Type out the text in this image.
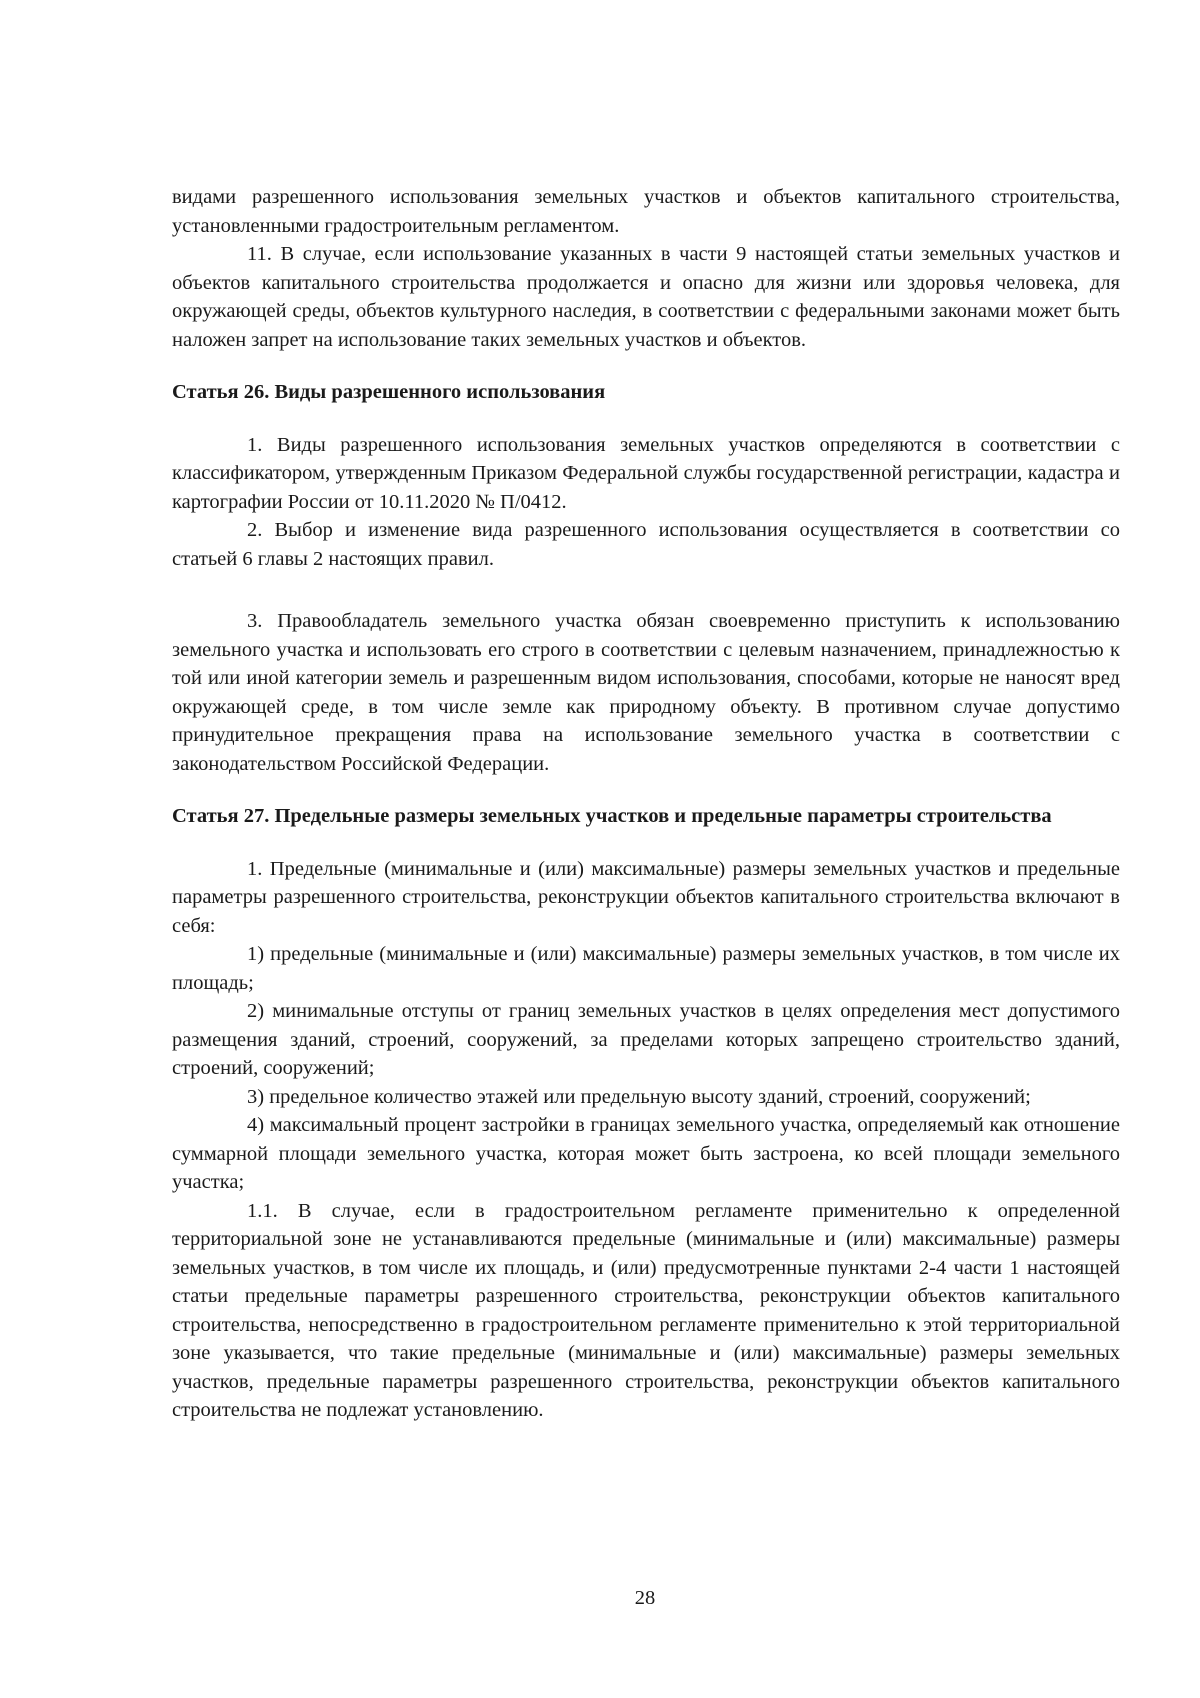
видами разрешенного использования земельных участков и объектов капитального строительства, установленными градостроительным регламентом.

11. В случае, если использование указанных в части 9 настоящей статьи земельных участков и объектов капитального строительства продолжается и опасно для жизни или здоровья человека, для окружающей среды, объектов культурного наследия, в соответствии с федеральными законами может быть наложен запрет на использование таких земельных участков и объектов.

Статья 26. Виды разрешенного использования

1. Виды разрешенного использования земельных участков определяются в соответствии с классификатором, утвержденным Приказом Федеральной службы государственной регистрации, кадастра и картографии России от 10.11.2020 № П/0412.

2. Выбор и изменение вида разрешенного использования осуществляется в соответствии со статьей 6 главы 2 настоящих правил.

3. Правообладатель земельного участка обязан своевременно приступить к использованию земельного участка и использовать его строго в соответствии с целевым назначением, принадлежностью к той или иной категории земель и разрешенным видом использования, способами, которые не наносят вред окружающей среде, в том числе земле как природному объекту. В противном случае допустимо принудительное прекращения права на использование земельного участка в соответствии с законодательством Российской Федерации.

Статья 27. Предельные размеры земельных участков и предельные параметры строительства

1. Предельные (минимальные и (или) максимальные) размеры земельных участков и предельные параметры разрешенного строительства, реконструкции объектов капитального строительства включают в себя:

1) предельные (минимальные и (или) максимальные) размеры земельных участков, в том числе их площадь;

2) минимальные отступы от границ земельных участков в целях определения мест допустимого размещения зданий, строений, сооружений, за пределами которых запрещено строительство зданий, строений, сооружений;

3) предельное количество этажей или предельную высоту зданий, строений, сооружений;

4) максимальный процент застройки в границах земельного участка, определяемый как отношение суммарной площади земельного участка, которая может быть застроена, ко всей площади земельного участка;

1.1. В случае, если в градостроительном регламенте применительно к определенной территориальной зоне не устанавливаются предельные (минимальные и (или) максимальные) размеры земельных участков, в том числе их площадь, и (или) предусмотренные пунктами 2-4 части 1 настоящей статьи предельные параметры разрешенного строительства, реконструкции объектов капитального строительства, непосредственно в градостроительном регламенте применительно к этой территориальной зоне указывается, что такие предельные (минимальные и (или) максимальные) размеры земельных участков, предельные параметры разрешенного строительства, реконструкции объектов капитального строительства не подлежат установлению.

28
